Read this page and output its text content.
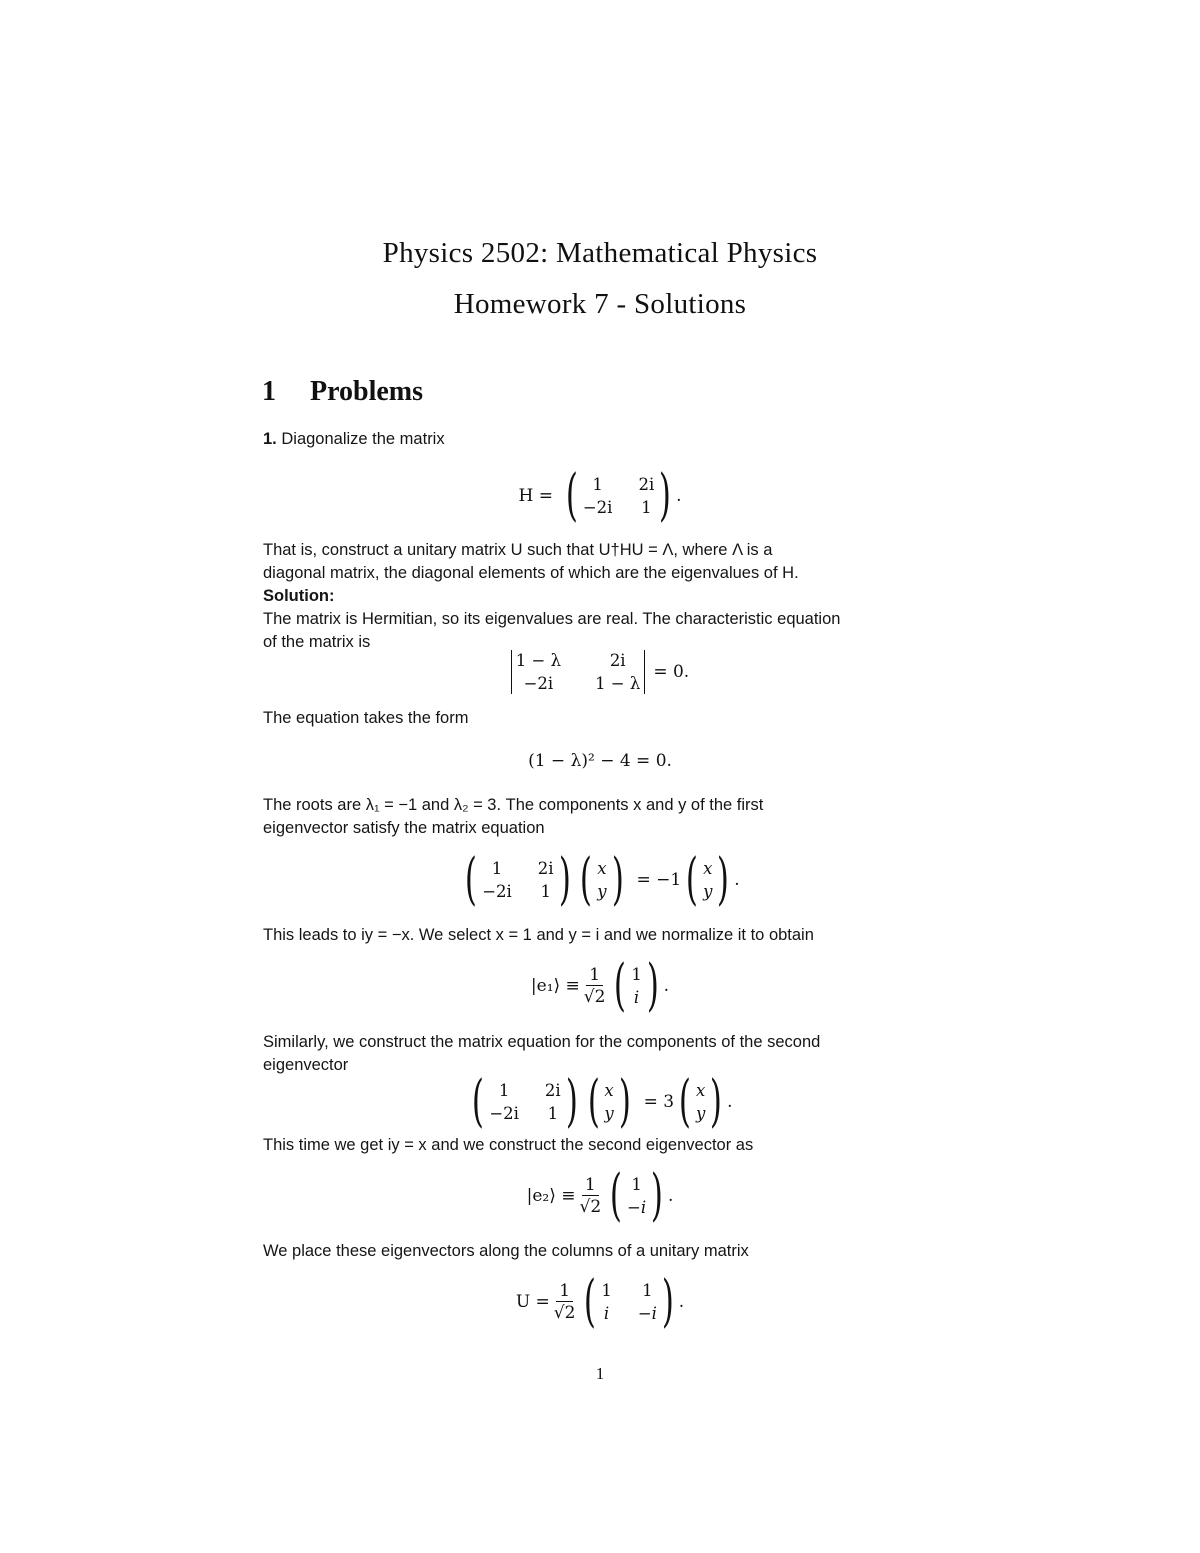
Physics 2502: Mathematical Physics
Homework 7 - Solutions
1 Problems
1. Diagonalize the matrix
H = ( 1	2i
−2i 1 ) .
That is, construct a unitary matrix U such that U†HU = Λ, where Λ is a
diagonal matrix, the diagonal elements of which are the eigenvalues of H.
Solution:
The matrix is Hermitian, so its eigenvalues are real. The characteristic equation
of the matrix is
1 − λ	2i
−2i	1 − λ
= 0.
The equation takes the form
(1 − λ)² − 4 = 0.
The roots are λ₁ = −1 and λ₂ = 3. The components x and y of the first
eigenvector satisfy the matrix equation
( 1	2i
−2i 1 ) ( x
y ) = −1 ( x
y ) .
This leads to iy = −x. We select x = 1 and y = i and we normalize it to obtain
|e₁⟩ ≡ $\frac{1}{√2}$ ( 1
i ) .
Similarly, we construct the matrix equation for the components of the second
eigenvector
( 1	2i
−2i 1 ) ( x
y ) = 3 ( x
y ) .
This time we get iy = x and we construct the second eigenvector as
|e₂⟩ ≡ $\frac{1}{√2}$ ( 1
−i ) .
We place these eigenvectors along the columns of a unitary matrix
$U = \frac{1}{√2}$ ( 1 1
i −i ) .
1
